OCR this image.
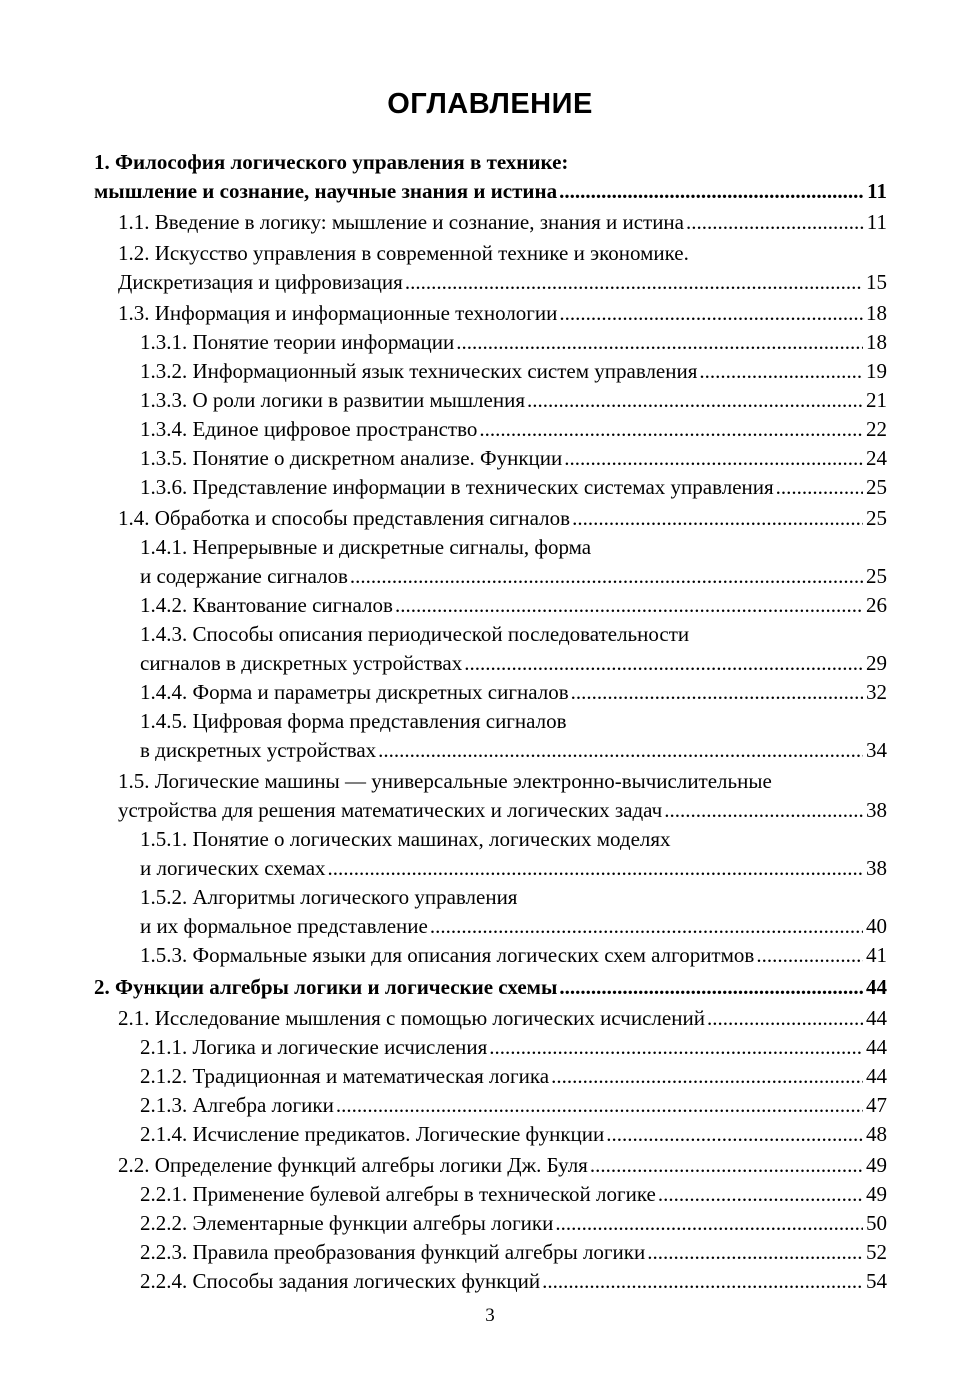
ОГЛАВЛЕНИЕ
1. Философия логического управления в технике:
мышление и сознание, научные знания и истина .....	11
1.1. Введение в логику: мышление и сознание, знания и истина .....	11
1.2. Искусство управления в современной технике и экономике.
Дискретизация и цифровизация .....	15
1.3. Информация и информационные технологии .....	18
1.3.1. Понятие теории информации .....	18
1.3.2. Информационный язык технических систем управления .....	19
1.3.3. О роли логики в развитии мышления .....	21
1.3.4. Единое цифровое пространство .....	22
1.3.5. Понятие о дискретном анализе. Функции .....	24
1.3.6. Представление информации в технических системах управления .....	25
1.4. Обработка и способы представления сигналов .....	25
1.4.1. Непрерывные и дискретные сигналы, форма
и содержание сигналов .....	25
1.4.2. Квантование сигналов .....	26
1.4.3. Способы описания периодической последовательности
сигналов в дискретных устройствах .....	29
1.4.4. Форма и параметры дискретных сигналов .....	32
1.4.5. Цифровая форма представления сигналов
в дискретных устройствах .....	34
1.5. Логические машины — универсальные электронно-вычислительные
устройства для решения математических и логических задач .....	38
1.5.1. Понятие о логических машинах, логических моделях
и логических схемах .....	38
1.5.2. Алгоритмы логического управления
и их формальное представление .....	40
1.5.3. Формальные языки для описания логических схем алгоритмов .....	41
2. Функции алгебры логики и логические схемы .....	44
2.1. Исследование мышления с помощью логических исчислений .....	44
2.1.1. Логика и логические исчисления .....	44
2.1.2. Традиционная и математическая логика .....	44
2.1.3. Алгебра логики .....	47
2.1.4. Исчисление предикатов. Логические функции .....	48
2.2. Определение функций алгебры логики Дж. Буля .....	49
2.2.1. Применение булевой алгебры в технической логике .....	49
2.2.2. Элементарные функции алгебры логики .....	50
2.2.3. Правила преобразования функций алгебры логики .....	52
2.2.4. Способы задания логических функций .....	54
3
